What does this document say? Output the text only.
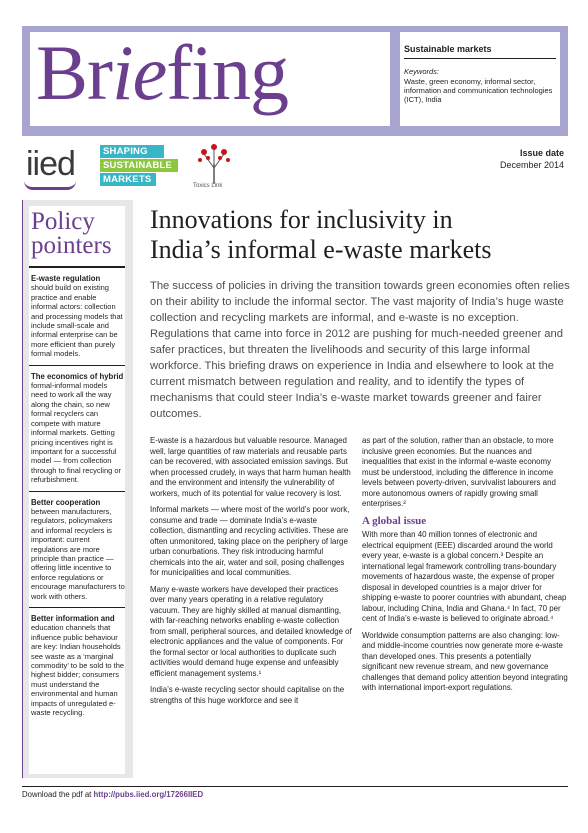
Briefing	Sustainable markets
Keywords:
Waste, green economy, informal sector, information and communication technologies (ICT), India
iied	SHAPING
SUSTAINABLE
MARKETS
Toxics Link
Issue date
December 2014
Policy
pointers
E-waste regulation
should build on existing practice and enable informal actors: collection and processing models that include small-scale and informal enterprise can be more efficient than purely formal models.
The economics of hybrid
formal-informal models need to work all the way along the chain, so new formal recyclers can compete with mature informal markets. Getting pricing incentives right is important for a successful model — from collection through to final recycling or refurbishment.
Better cooperation
between manufacturers, regulators, policymakers and informal recyclers is important: current regulations are more principle than practice — offering little incentive to enforce regulations or encourage manufacturers to work with others.
Better information and
education channels that influence public behaviour are key: Indian households see waste as a ‘marginal commodity’ to be sold to the highest bidder; consumers must understand the environmental and human impacts of unregulated e-waste recycling.
Innovations for inclusivity in
India’s informal e-waste markets
The success of policies in driving the transition towards green economies often relies on their ability to include the informal sector. The vast majority of India’s huge waste collection and recycling markets are informal, and e-waste is no exception. Regulations that came into force in 2012 are pushing for much-needed greener and safer practices, but threaten the livelihoods and security of this large informal workforce. This briefing draws on experience in India and elsewhere to look at the current mismatch between regulation and reality, and to identify the types of mechanisms that could steer India’s e-waste market towards greener and fairer outcomes.

E-waste is a hazardous but valuable resource. Managed well, large quantities of raw materials and reusable parts can be recovered, with associated emission savings. But when processed crudely, in ways that harm human health and the environment and intensify the vulnerability of workers, much of its potential for value recovery is lost.

Informal markets — where most of the world’s poor work, consume and trade — dominate India’s e-waste collection, dismantling and recycling activities. These are often unmonitored, taking place on the periphery of large urban conurbations. They risk introducing harmful chemicals into the air, water and soil, posing challenges for municipalities and local communities.

Many e-waste workers have developed their practices over many years operating in a relative regulatory vacuum. They are highly skilled at manual dismantling, with far-reaching networks enabling e-waste collection from small, peripheral sources, and detailed knowledge of electronic appliances and the value of components. For the formal sector or local authorities to duplicate such activities would demand huge expense and unfeasibly efficient management systems.¹

India’s e-waste recycling sector should capitalise on the strengths of this huge workforce and see it

as part of the solution, rather than an obstacle, to more inclusive green economies. But the nuances and inequalities that exist in the informal e-waste economy must be understood, including the difference in income levels between poverty-driven, survivalist labourers and more autonomous owners of rapidly growing small enterprises.²

A global issue

With more than 40 million tonnes of electronic and electrical equipment (EEE) discarded around the world every year, e-waste is a global concern.³ Despite an international legal framework controlling trans-boundary movements of hazardous waste, the expense of proper disposal in developed countries is a major driver for shipping e-waste to poorer countries with abundant, cheap labour, including China, India and Ghana.⁴ In fact, 70 per cent of India’s e-waste is believed to originate abroad.⁴

Worldwide consumption patterns are also changing: low- and middle-income countries now generate more e-waste than developed ones. This presents a potentially significant new revenue stream, and new governance challenges that demand policy attention beyond integrating with international import-export regulations.

Download the pdf at http://pubs.iied.org/17266IIED
